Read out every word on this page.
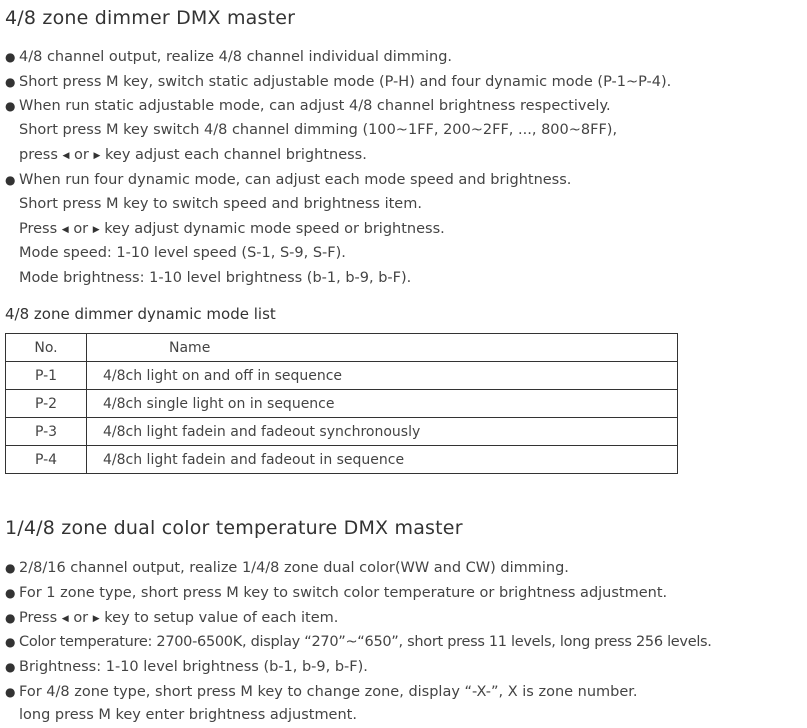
4/8 zone dimmer DMX master
● 4/8 channel output, realize 4/8 channel individual dimming.
● Short press M key, switch static adjustable mode (P-H) and four dynamic mode (P-1~P-4).
● When run static adjustable mode, can adjust 4/8 channel brightness respectively.
Short press M key switch 4/8 channel dimming (100~1FF, 200~2FF, ..., 800~8FF),
press ◀ or ▶ key adjust each channel brightness.
● When run four dynamic mode, can adjust each mode speed and brightness.
Short press M key to switch speed and brightness item.
Press ◀ or ▶ key adjust dynamic mode speed or brightness.
Mode speed: 1-10 level speed (S-1, S-9, S-F).
Mode brightness: 1-10 level brightness (b-1, b-9, b-F).
4/8 zone dimmer dynamic mode list
No.	Name
P-1	4/8ch light on and off in sequence
P-2	4/8ch single light on in sequence
P-3	4/8ch light fadein and fadeout synchronously
P-4	4/8ch light fadein and fadeout in sequence
1/4/8 zone dual color temperature DMX master
● 2/8/16 channel output, realize 1/4/8 zone dual color(WW and CW) dimming.
● For 1 zone type, short press M key to switch color temperature or brightness adjustment.
● Press ◀ or ▶ key to setup value of each item.
● Color temperature: 2700-6500K, display “270”~“650”, short press 11 levels, long press 256 levels.
● Brightness: 1-10 level brightness (b-1, b-9, b-F).
● For 4/8 zone type, short press M key to change zone, display “-X-”, X is zone number.
long press M key enter brightness adjustment.
